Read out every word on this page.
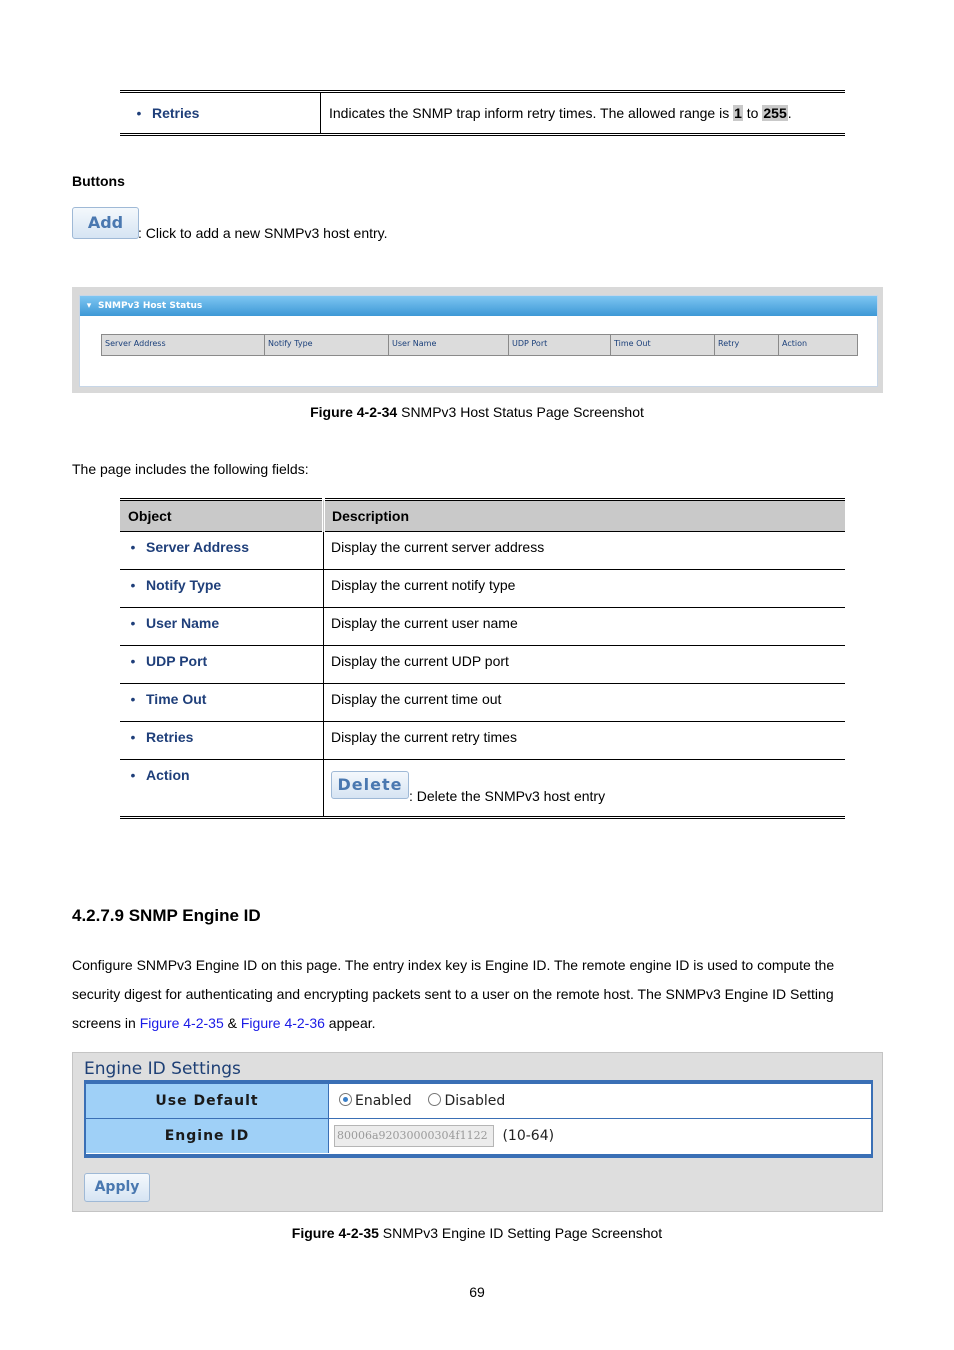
• Retries	Indicates the SNMP trap inform retry times. The allowed range is 1 to 255.
Buttons
Add
: Click to add a new SNMPv3 host entry.
▾ SNMPv3 Host Status
Server Address	Notify Type	User Name	UDP Port	Time Out	Retry	Action
Figure 4-2-34 SNMPv3 Host Status Page Screenshot
The page includes the following fields:
Object	Description
• Server Address	Display the current server address
• Notify Type	Display the current notify type
• User Name	Display the current user name
• UDP Port	Display the current UDP port
• Time Out	Display the current time out
• Retries	Display the current retry times
• Action	Delete: Delete the SNMPv3 host entry
4.2.7.9 SNMP Engine ID
Configure SNMPv3 Engine ID on this page. The entry index key is Engine ID. The remote engine ID is used to compute the
security digest for authenticating and encrypting packets sent to a user on the remote host. The SNMPv3 Engine ID Setting
screens in Figure 4-2-35 & Figure 4-2-36 appear.
Engine ID Settings
Use Default	Enabled Disabled
Engine ID	80006a92030000304f1122 (10-64)
Apply
Figure 4-2-35 SNMPv3 Engine ID Setting Page Screenshot
69
